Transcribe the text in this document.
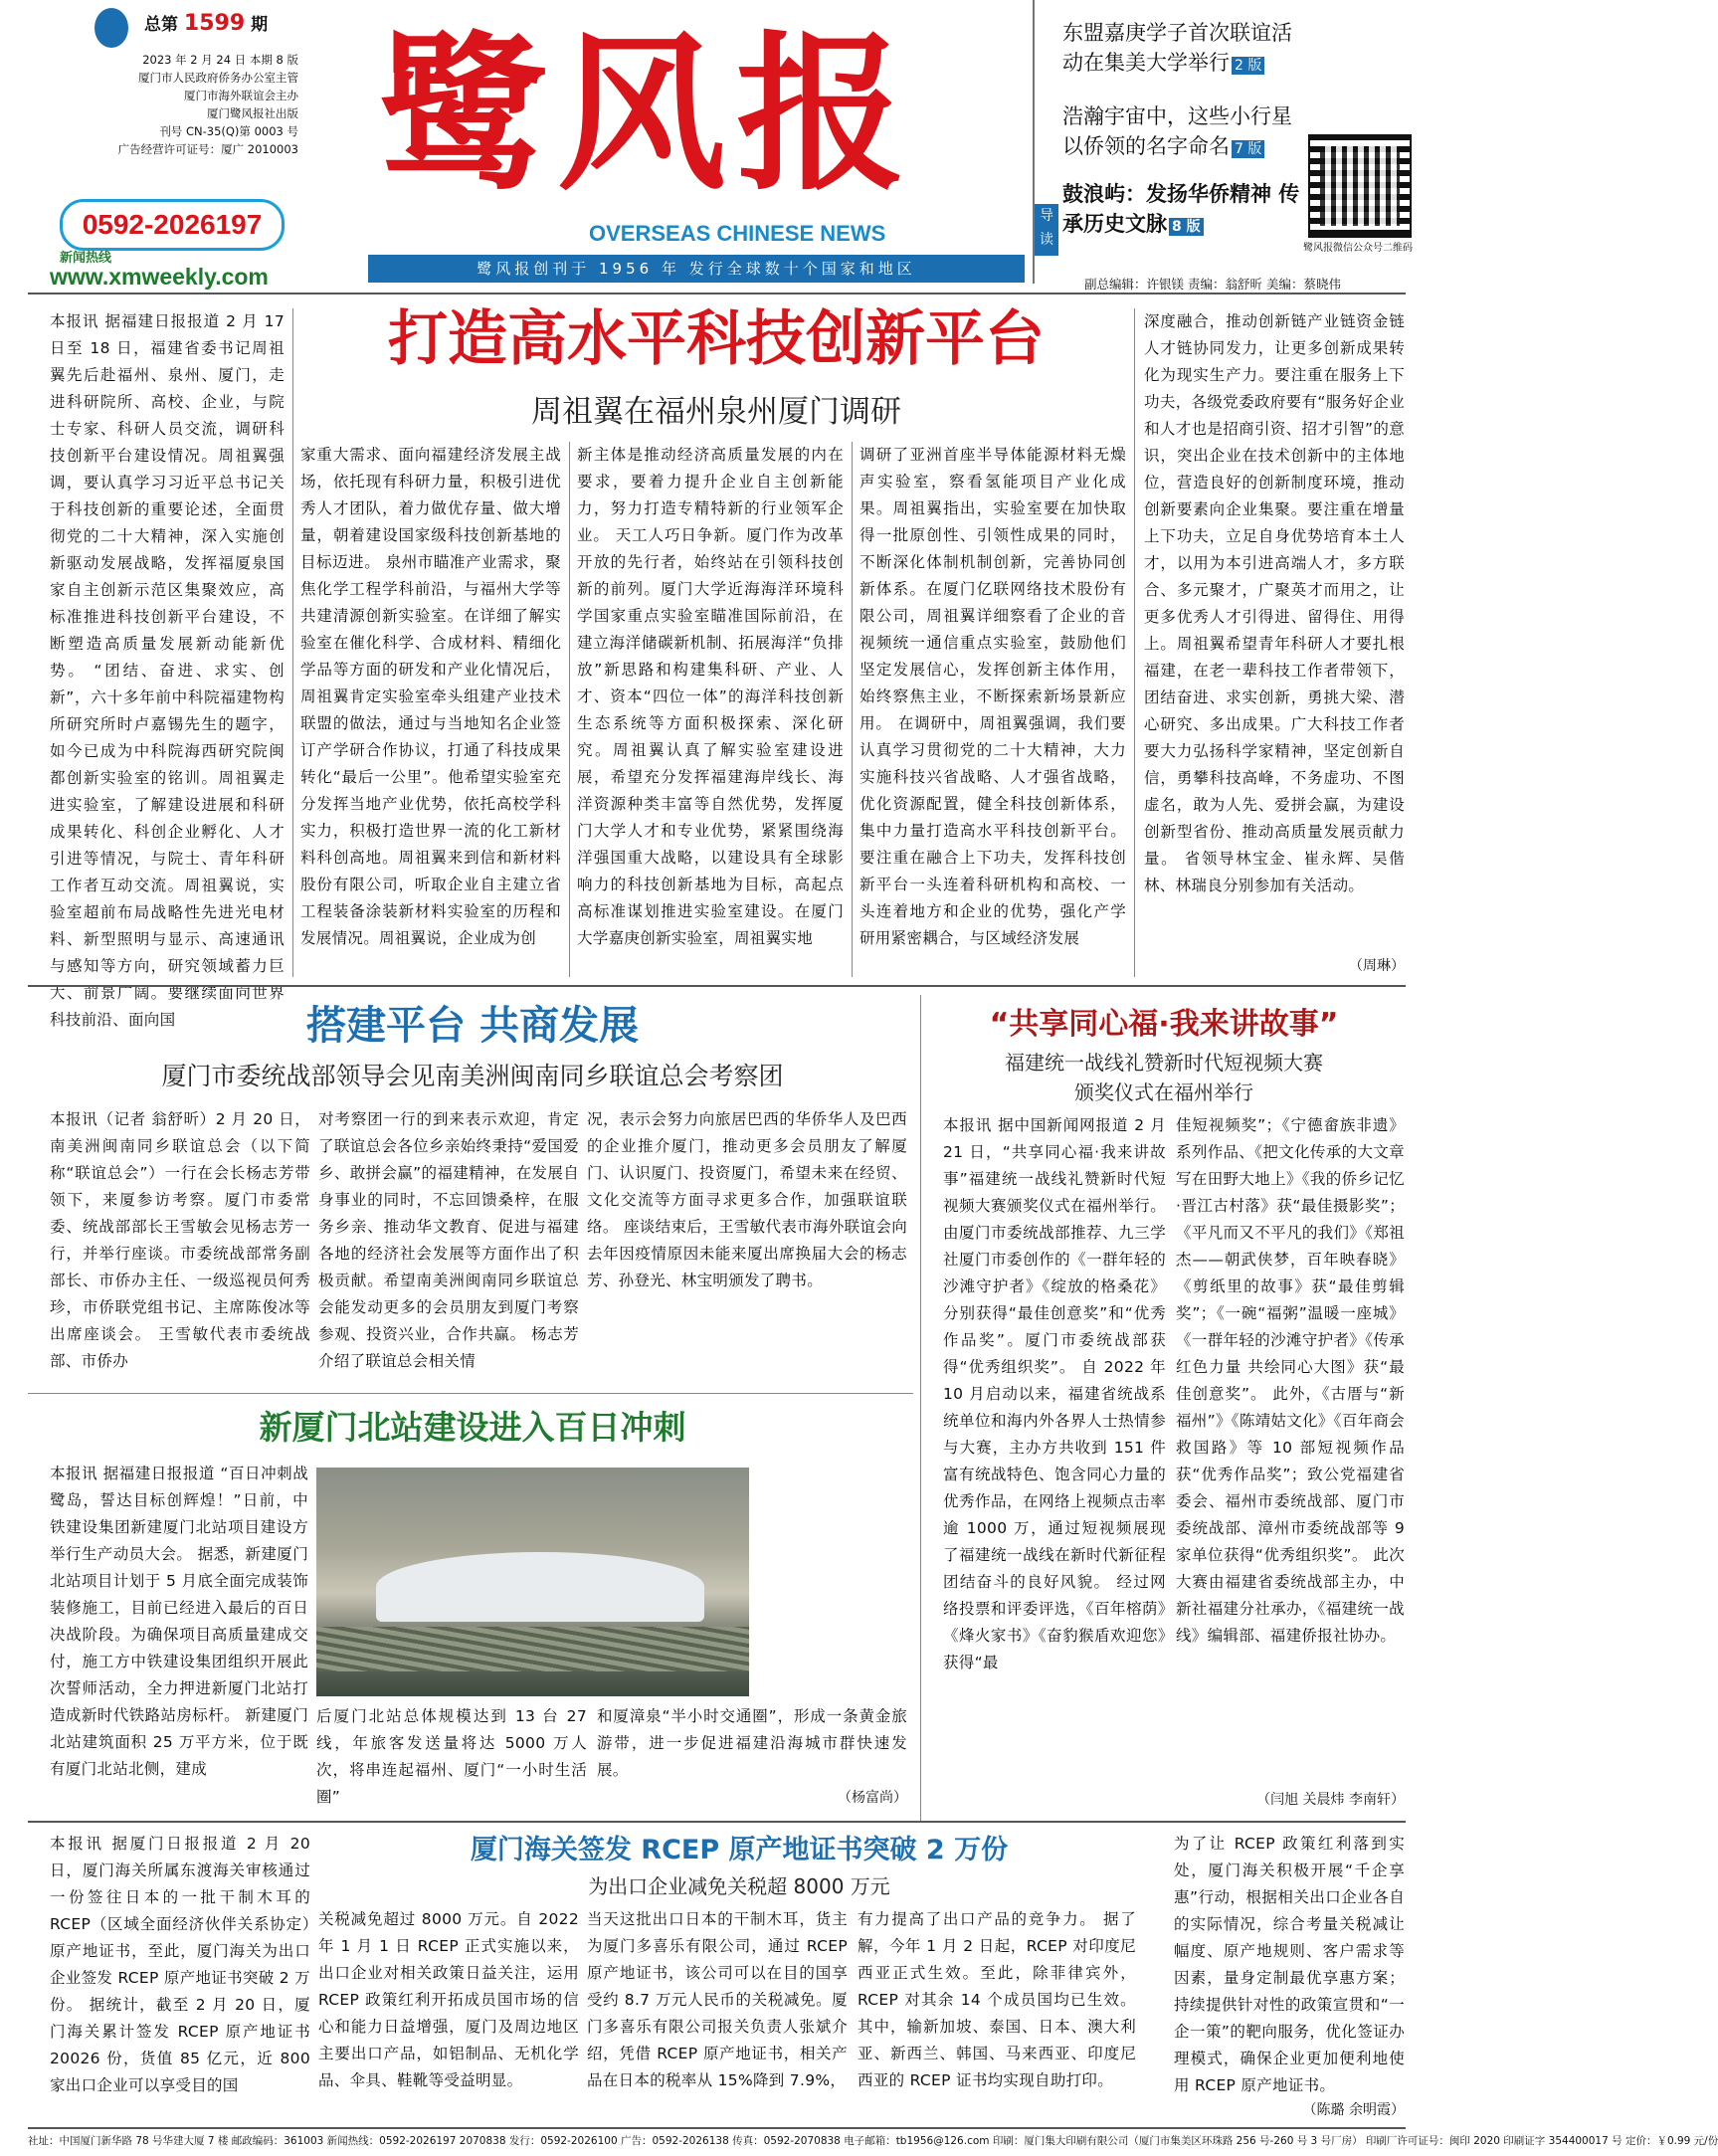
总第 1599 期
2023 年 2 月 24 日 本期 8 版
厦门市人民政府侨务办公室主管
厦门市海外联谊会主办
厦门鹭风报社出版
刊号 CN-35(Q)第 0003 号
广告经营许可证号：厦广 2010003
0592-2026197
新闻热线
www.xmweekly.com
鹭风报
OVERSEAS CHINESE NEWS
鹭风报创刊于 1956 年 发行全球数十个国家和地区
东盟嘉庚学子首次联谊活动在集美大学举行 2 版
浩瀚宇宙中，这些小行星以侨领的名字命名 7 版
鼓浪屿：发扬华侨精神 传承历史文脉 8 版
导读
鹭风报微信公众号二维码
副总编辑：许银镁 责编：翁舒昕 美编：蔡晓伟
打造高水平科技创新平台
周祖翼在福州泉州厦门调研
本报讯 据福建日报报道 2 月 17 日至 18 日，福建省委书记周祖翼先后赴福州、泉州、厦门，走进科研院所、高校、企业，与院士专家、科研人员交流，调研科技创新平台建设情况。周祖翼强调，要认真学习习近平总书记关于科技创新的重要论述，全面贯彻党的二十大精神，深入实施创新驱动发展战略，发挥福厦泉国家自主创新示范区集聚效应，高标准推进科技创新平台建设，不断塑造高质量发展新动能新优势。 “团结、奋进、求实、创新”，六十多年前中科院福建物构所研究所时卢嘉锡先生的题字，如今已成为中科院海西研究院闽都创新实验室的铭训。周祖翼走进实验室，了解建设进展和科研成果转化、科创企业孵化、人才引进等情况，与院士、青年科研工作者互动交流。周祖翼说，实验室超前布局战略性先进光电材料、新型照明与显示、高速通讯与感知等方向，研究领域蓄力巨大、前景广阔。要继续面向世界科技前沿、面向国
家重大需求、面向福建经济发展主战场，依托现有科研力量，积极引进优秀人才团队，着力做优存量、做大增量，朝着建设国家级科技创新基地的目标迈进。 泉州市瞄准产业需求，聚焦化学工程学科前沿，与福州大学等共建清源创新实验室。在详细了解实验室在催化科学、合成材料、精细化学品等方面的研发和产业化情况后，周祖翼肯定实验室牵头组建产业技术联盟的做法，通过与当地知名企业签订产学研合作协议，打通了科技成果转化“最后一公里”。他希望实验室充分发挥当地产业优势，依托高校学科实力，积极打造世界一流的化工新材料科创高地。周祖翼来到信和新材料股份有限公司，听取企业自主建立省工程装备涂装新材料实验室的历程和发展情况。周祖翼说，企业成为创
新主体是推动经济高质量发展的内在要求，要着力提升企业自主创新能力，努力打造专精特新的行业领军企业。 天工人巧日争新。厦门作为改革开放的先行者，始终站在引领科技创新的前列。厦门大学近海海洋环境科学国家重点实验室瞄准国际前沿，在建立海洋储碳新机制、拓展海洋“负排放”新思路和构建集科研、产业、人才、资本“四位一体”的海洋科技创新生态系统等方面积极探索、深化研究。周祖翼认真了解实验室建设进展，希望充分发挥福建海岸线长、海洋资源种类丰富等自然优势，发挥厦门大学人才和专业优势，紧紧围绕海洋强国重大战略，以建设具有全球影响力的科技创新基地为目标，高起点高标准谋划推进实验室建设。在厦门大学嘉庚创新实验室，周祖翼实地
调研了亚洲首座半导体能源材料无燥声实验室，察看氢能项目产业化成果。周祖翼指出，实验室要在加快取得一批原创性、引领性成果的同时，不断深化体制机制创新，完善协同创新体系。在厦门亿联网络技术股份有限公司，周祖翼详细察看了企业的音视频统一通信重点实验室，鼓励他们坚定发展信心，发挥创新主体作用，始终察焦主业，不断探索新场景新应用。 在调研中，周祖翼强调，我们要认真学习贯彻党的二十大精神，大力实施科技兴省战略、人才强省战略，优化资源配置，健全科技创新体系，集中力量打造高水平科技创新平台。要注重在融合上下功夫，发挥科技创新平台一头连着科研机构和高校、一头连着地方和企业的优势，强化产学研用紧密耦合，与区域经济发展
深度融合，推动创新链产业链资金链人才链协同发力，让更多创新成果转化为现实生产力。要注重在服务上下功夫，各级党委政府要有“服务好企业和人才也是招商引资、招才引智”的意识，突出企业在技术创新中的主体地位，营造良好的创新制度环境，推动创新要素向企业集聚。要注重在增量上下功夫，立足自身优势培育本土人才，以用为本引进高端人才，多方联合、多元聚才，广聚英才而用之，让更多优秀人才引得进、留得住、用得上。周祖翼希望青年科研人才要扎根福建，在老一辈科技工作者带领下，团结奋进、求实创新，勇挑大梁、潜心研究、多出成果。广大科技工作者要大力弘扬科学家精神，坚定创新自信，勇攀科技高峰，不务虚功、不图虚名，敢为人先、爱拼会赢，为建设创新型省份、推动高质量发展贡献力量。 省领导林宝金、崔永辉、吴偕林、林瑞良分别参加有关活动。
（周琳）
搭建平台 共商发展
厦门市委统战部领导会见南美洲闽南同乡联谊总会考察团
本报讯（记者 翁舒昕）2 月 20 日，南美洲闽南同乡联谊总会（以下简称“联谊总会”）一行在会长杨志芳带领下，来厦参访考察。厦门市委常委、统战部部长王雪敏会见杨志芳一行，并举行座谈。市委统战部常务副部长、市侨办主任、一级巡视员何秀珍，市侨联党组书记、主席陈俊冰等出席座谈会。 王雪敏代表市委统战部、市侨办
对考察团一行的到来表示欢迎，肯定了联谊总会各位乡亲始终秉持“爱国爱乡、敢拼会赢”的福建精神，在发展自身事业的同时，不忘回馈桑梓，在服务乡亲、推动华文教育、促进与福建各地的经济社会发展等方面作出了积极贡献。希望南美洲闽南同乡联谊总会能发动更多的会员朋友到厦门考察参观、投资兴业，合作共赢。 杨志芳介绍了联谊总会相关情
况，表示会努力向旅居巴西的华侨华人及巴西的企业推介厦门，推动更多会员朋友了解厦门、认识厦门、投资厦门，希望未来在经贸、文化交流等方面寻求更多合作，加强联谊联络。 座谈结束后，王雪敏代表市海外联谊会向去年因疫情原因未能来厦出席换届大会的杨志芳、孙登光、林宝明颁发了聘书。
新厦门北站建设进入百日冲刺
本报讯 据福建日报报道 “百日冲刺战鹭岛，誓达目标创辉煌！”日前，中铁建设集团新建厦门北站项目建设方举行生产动员大会。 据悉，新建厦门北站项目计划于 5 月底全面完成装饰装修施工，目前已经进入最后的百日决战阶段。为确保项目高质量建成交付，施工方中铁建设集团组织开展此次誓师活动，全力押进新厦门北站打造成新时代铁路站房标杆。 新建厦门北站建筑面积 25 万平方米，位于既有厦门北站北侧，建成
后厦门北站总体规模达到 13 台 27 线，年旅客发送量将达 5000 万人次，将串连起福州、厦门“一小时生活圈”
和厦漳泉“半小时交通圈”，形成一条黄金旅游带，进一步促进福建沿海城市群快速发展。
（杨富尚）
“共享同心福·我来讲故事”
福建统一战线礼赞新时代短视频大赛
颁奖仪式在福州举行
本报讯 据中国新闻网报道 2 月 21 日，“共享同心福·我来讲故事”福建统一战线礼赞新时代短视频大赛颁奖仪式在福州举行。由厦门市委统战部推荐、九三学社厦门市委创作的《一群年轻的沙滩守护者》《绽放的格桑花》分别获得“最佳创意奖”和“优秀作品奖”。厦门市委统战部获得“优秀组织奖”。 自 2022 年 10 月启动以来，福建省统战系统单位和海内外各界人士热情参与大赛，主办方共收到 151 件富有统战特色、饱含同心力量的优秀作品，在网络上视频点击率逾 1000 万，通过短视频展现了福建统一战线在新时代新征程团结奋斗的良好风貌。 经过网络投票和评委评选，《百年榕荫》《烽火家书》《奋豹猴盾欢迎您》获得“最
佳短视频奖”；《宁德畲族非遗》系列作品、《把文化传承的大文章写在田野大地上》《我的侨乡记忆·晋江古村落》获“最佳摄影奖”；《平凡而又不平凡的我们》《郑祖杰——朝武侠梦，百年映春晓》《剪纸里的故事》获“最佳剪辑奖”；《一碗“福粥”温暖一座城》《一群年轻的沙滩守护者》《传承红色力量 共绘同心大图》获“最佳创意奖”。 此外，《古厝与“新福州”》《陈靖姑文化》《百年商会救国路》等 10 部短视频作品获“优秀作品奖”；致公党福建省委会、福州市委统战部、厦门市委统战部、漳州市委统战部等 9 家单位获得“优秀组织奖”。 此次大赛由福建省委统战部主办，中新社福建分社承办，《福建统一战线》编辑部、福建侨报社协办。
（闫旭 关晨炜 李南轩）
厦门海关签发 RCEP 原产地证书突破 2 万份
为出口企业减免关税超 8000 万元
本报讯 据厦门日报报道 2 月 20 日，厦门海关所属东渡海关审核通过一份签往日本的一批干制木耳的 RCEP（区域全面经济伙伴关系协定）原产地证书，至此，厦门海关为出口企业签发 RCEP 原产地证书突破 2 万份。 据统计，截至 2 月 20 日，厦门海关累计签发 RCEP 原产地证书 20026 份，货值 85 亿元，近 800 家出口企业可以享受目的国
关税减免超过 8000 万元。自 2022 年 1 月 1 日 RCEP 正式实施以来，出口企业对相关政策日益关注，运用 RCEP 政策红利开拓成员国市场的信心和能力日益增强，厦门及周边地区主要出口产品，如铝制品、无机化学品、伞具、鞋靴等受益明显。
当天这批出口日本的干制木耳，货主为厦门多喜乐有限公司，通过 RCEP 原产地证书，该公司可以在目的国享受约 8.7 万元人民币的关税减免。厦门多喜乐有限公司报关负责人张斌介绍，凭借 RCEP 原产地证书，相关产品在日本的税率从 15%降到 7.9%，
有力提高了出口产品的竞争力。 据了解，今年 1 月 2 日起，RCEP 对印度尼西亚正式生效。至此，除菲律宾外，RCEP 对其余 14 个成员国均已生效。其中，输新加坡、泰国、日本、澳大利亚、新西兰、韩国、马来西亚、印度尼西亚的 RCEP 证书均实现自助打印。
为了让 RCEP 政策红利落到实处，厦门海关积极开展“千企享惠”行动，根据相关出口企业各自的实际情况，综合考量关税减让幅度、原产地规则、客户需求等因素，量身定制最优享惠方案；持续提供针对性的政策宣贯和“一企一策”的靶向服务，优化签证办理模式，确保企业更加便利地使用 RCEP 原产地证书。
（陈璐 余明霞）
社址：中国厦门新华路 78 号华建大厦 7 楼 邮政编码：361003 新闻热线：0592-2026197 2070838 发行：0592-2026100 广告：0592-2026138 传真：0592-2070838 电子邮箱：tb1956@126.com 印刷：厦门集大印刷有限公司（厦门市集美区环珠路 256 号-260 号 3 号厂房） 印刷厂许可证号：闽印 2020 印刷证字 354400017 号 定价：￥0.99 元/份
